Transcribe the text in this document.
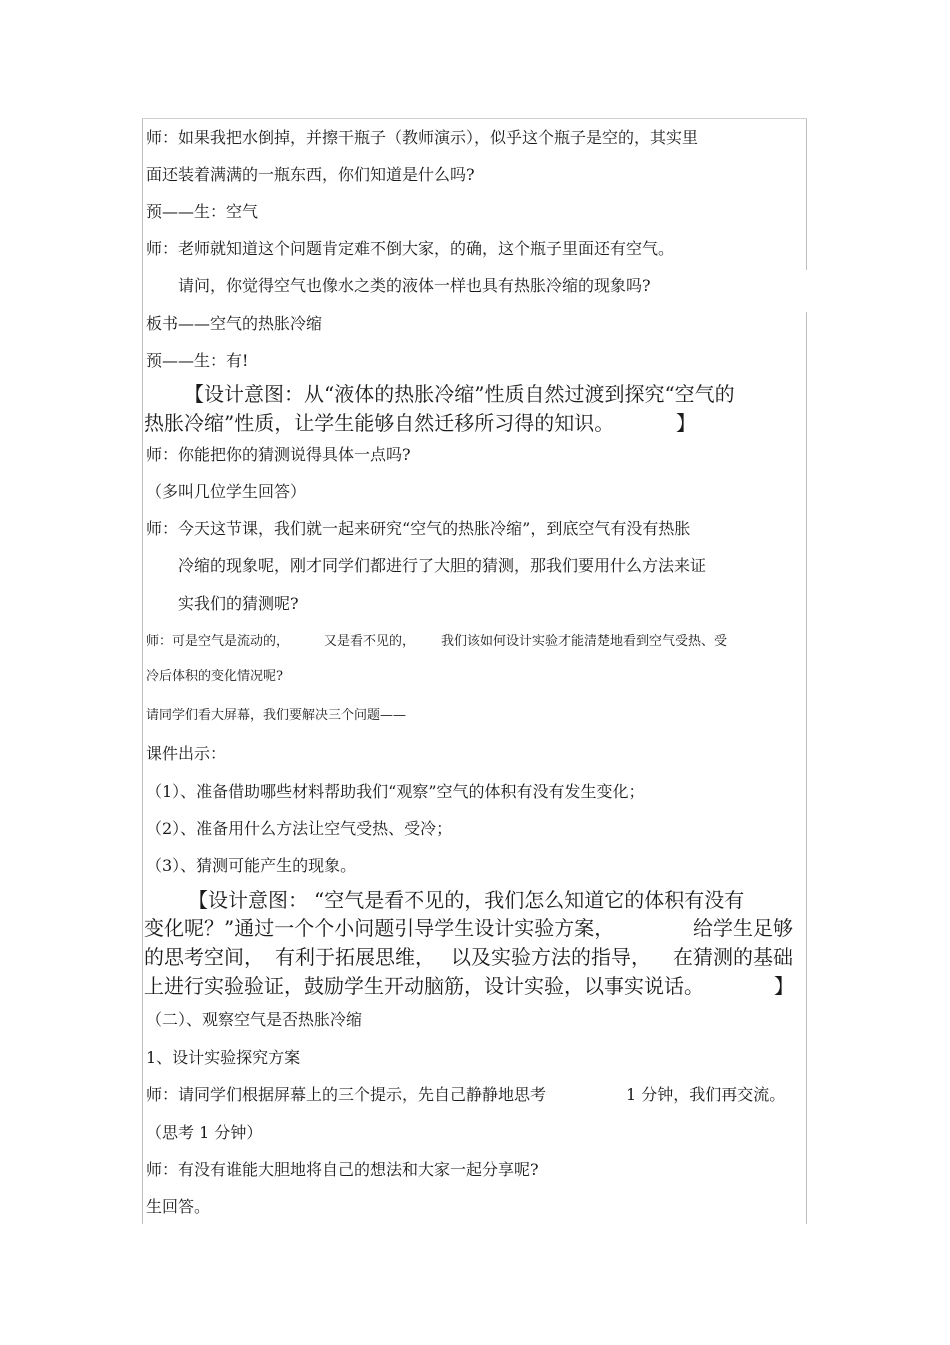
师：如果我把水倒掉，并擦干瓶子（教师演示），似乎这个瓶子是空的，其实里
面还装着满满的一瓶东西，你们知道是什么吗?
预——生：空气
师：老师就知道这个问题肯定难不倒大家，的确，这个瓶子里面还有空气。
请问，你觉得空气也像水之类的液体一样也具有热胀冷缩的现象吗?
板书——空气的热胀冷缩
预——生：有!
【设计意图：从“液体的热胀冷缩”性质自然过渡到探究“空气的
热胀冷缩”性质，让学生能够自然迁移所习得的知识。	】
师：你能把你的猜测说得具体一点吗?
（多叫几位学生回答）
师：今天这节课，我们就一起来研究“空气的热胀冷缩”，到底空气有没有热胀
冷缩的现象呢，刚才同学们都进行了大胆的猜测，那我们要用什么方法来证
实我们的猜测呢?
师：可是空气是流动的，	又是看不见的， 我们该如何设计实验才能清楚地看到空气受热、受
冷后体积的变化情况呢?
请同学们看大屏幕，我们要解决三个问题——
课件出示：
（1）、准备借助哪些材料帮助我们“观察”空气的体积有没有发生变化；
（2）、准备用什么方法让空气受热、受冷；
（3）、猜测可能产生的现象。
【设计意图： “空气是看不见的，我们怎么知道它的体积有没有
变化呢？”通过一个个小问题引导学生设计实验方案，	给学生足够
的思考空间， 有利于拓展思维， 以及实验方法的指导， 在猜测的基础
上进行实验验证，鼓励学生开动脑筋，设计实验，以事实说话。	】
（二）、观察空气是否热胀冷缩
1、设计实验探究方案
师：请同学们根据屏幕上的三个提示，先自己静静地思考	1 分钟，我们再交流。
（思考 1 分钟）
师：有没有谁能大胆地将自己的想法和大家一起分享呢?
生回答。
